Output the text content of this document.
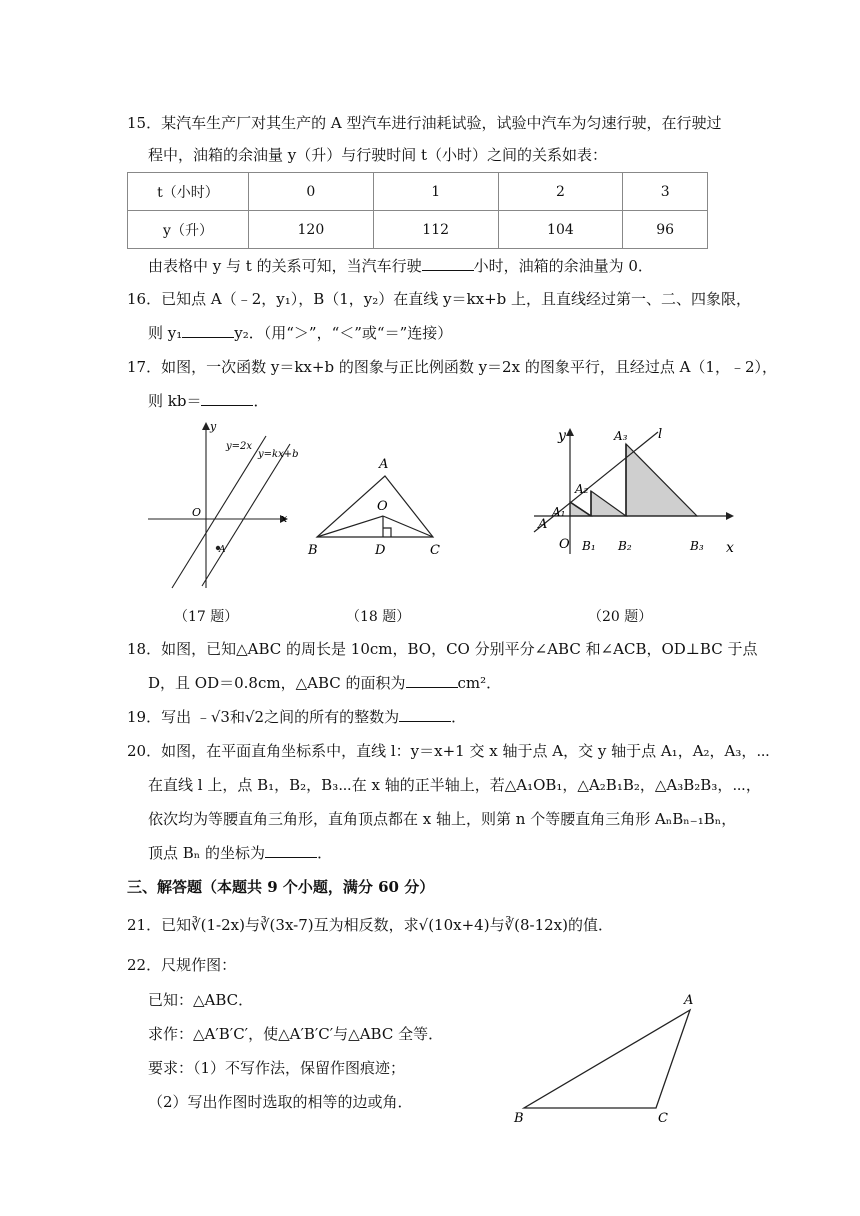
15．某汽车生产厂对其生产的 A 型汽车进行油耗试验，试验中汽车为匀速行驶，在行驶过
程中，油箱的余油量 y（升）与行驶时间 t（小时）之间的关系如表：
t（小时）	0	1	2	3
y（升）	120	112	104	96
由表格中 y 与 t 的关系可知，当汽车行驶	小时，油箱的余油量为 0．
16．已知点 A（﹣2，y₁），B（1，y₂）在直线 y＝kx+b 上，且直线经过第一、二、四象限，
则 y₁	y₂．（用“＞”，“＜”或“＝”连接）
17．如图，一次函数 y＝kx+b 的图象与正比例函数 y＝2x 的图象平行，且经过点 A（1，﹣2），
则 kb＝	．
y
x
O
A
y=2x
y=kx+b
（17 题）
A
O
B	D	C
（18 题）
y
x
O
l
A
A₁
A₂
A₃
B₁ B₂	B₃
（20 题）
18．如图，已知△ABC 的周长是 10cm，BO，CO 分别平分∠ABC 和∠ACB，OD⊥BC 于点
D，且 OD＝0.8cm，△ABC 的面积为	cm²．
19．写出 ﹣√3和√2之间的所有的整数为	．
20．如图，在平面直角坐标系中，直线 l：y＝x+1 交 x 轴于点 A，交 y 轴于点 A₁，A₂，A₃，⋯
在直线 l 上，点 B₁，B₂，B₃⋯在 x 轴的正半轴上，若△A₁OB₁，△A₂B₁B₂，△A₃B₂B₃，⋯，
依次均为等腰直角三角形，直角顶点都在 x 轴上，则第 n 个等腰直角三角形 AₙBₙ₋₁Bₙ，
顶点 Bₙ 的坐标为	．
三、解答题（本题共 9 个小题，满分 60 分）
21．已知∛(1-2x)与∛(3x-7)互为相反数，求√(10x+4)与∛(8-12x)的值．
22．尺规作图：
已知：△ABC．
求作：△A′B′C′，使△A′B′C′与△ABC 全等．
要求：（1）不写作法，保留作图痕迹；
（2）写出作图时选取的相等的边或角．
A
B	C
